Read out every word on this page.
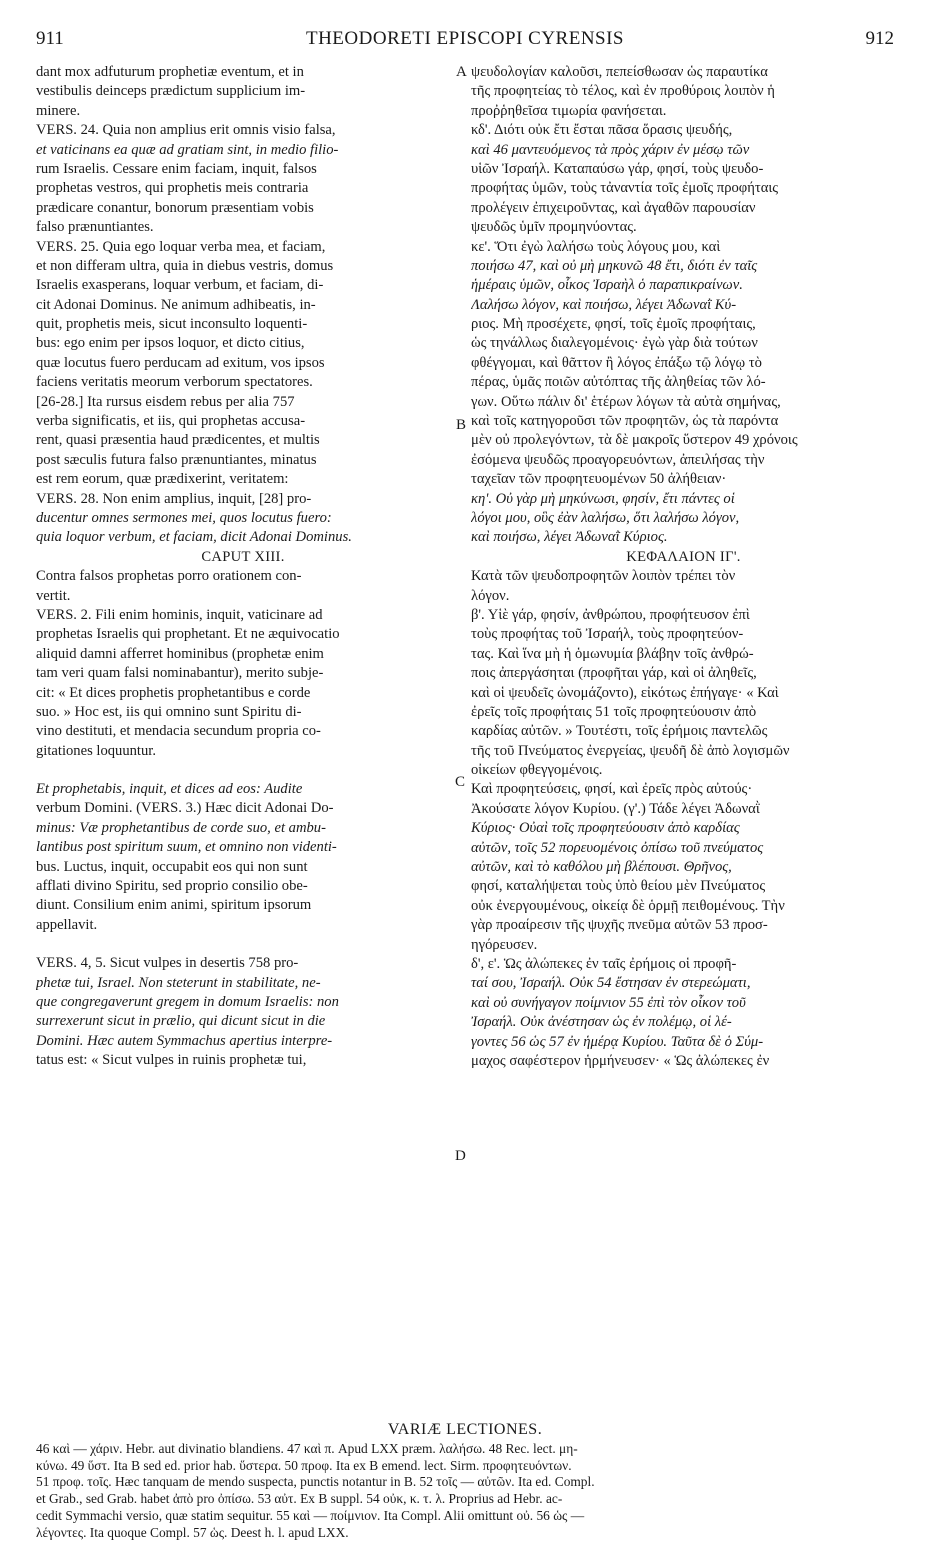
911	THEODORETI EPISCOPI CYRENSIS	912
dant mox adfuturum prophetiæ eventum, et in
vestibulis deinceps prædictum supplicium im-
minere.
VERS. 24. Quia non amplius erit omnis visio falsa,
et vaticinans ea quæ ad gratiam sint, in medio filio-
rum Israelis. Cessare enim faciam, inquit, falsos
prophetas vestros, qui prophetis meis contraria
prædicare conantur, bonorum præsentiam vobis
falso prænuntiantes.
VERS. 25. Quia ego loquar verba mea, et faciam,
et non differam ultra, quia in diebus vestris, domus
Israelis exasperans, loquar verbum, et faciam, di-
cit Adonai Dominus. Ne animum adhibeatis, in-
quit, prophetis meis, sicut inconsulto loquenti-
bus: ego enim per ipsos loquor, et dicto citius,
quæ locutus fuero perducam ad exitum, vos ipsos
faciens veritatis meorum verborum spectatores.
[26-28.] Ita rursus eisdem rebus per alia 757
verba significatis, et iis, qui prophetas accusa-
rent, quasi præsentia haud prædicentes, et multis
post sæculis futura falso prænuntiantes, minatus
est rem eorum, quæ prædixerint, veritatem:
VERS. 28. Non enim amplius, inquit, [28] pro-
ducentur omnes sermones mei, quos locutus fuero:
quia loquor verbum, et faciam, dicit Adonai Dominus.
CAPUT XIII.
Contra falsos prophetas porro orationem con-
vertit.
VERS. 2. Fili enim hominis, inquit, vaticinare ad
prophetas Israelis qui prophetant. Et ne æquivocatio
aliquid damni afferret hominibus (prophetæ enim
tam veri quam falsi nominabantur), merito subje-
cit: « Et dices prophetis prophetantibus e corde
suo. » Hoc est, iis qui omnino sunt Spiritu di-
vino destituti, et mendacia secundum propria co-
gitationes loquuntur.
Et prophetabis, inquit, et dices ad eos: Audite
verbum Domini. (VERS. 3.) Hæc dicit Adonai Do-
minus: Væ prophetantibus de corde suo, et ambu-
lantibus post spiritum suum, et omnino non videnti-
bus. Luctus, inquit, occupabit eos qui non sunt
afflati divino Spiritu, sed proprio consilio obe-
diunt. Consilium enim animi, spiritum ipsorum
appellavit.
VERS. 4, 5. Sicut vulpes in desertis 758 pro-
phetæ tui, Israel. Non steterunt in stabilitate, ne-
que congregaverunt gregem in domum Israelis: non
surrexerunt sicut in prælio, qui dicunt sicut in die
Domini. Hæc autem Symmachus apertius interpre-
tatus est: « Sicut vulpes in ruinis prophetæ tui,
ψευδολογίαν καλοῦσι, πεπείσθωσαν ὡς παραυτίκα
τῆς προφητείας τὸ τέλος, καὶ ἐν προθύροις λοιπὸν ἡ
προῤῥηθεῖσα τιμωρία φανήσεται.
κδ'. Διότι οὐκ ἔτι ἔσται πᾶσα ὅρασις ψευδής,
καὶ 46 μαντευόμενος τὰ πρὸς χάριν ἐν μέσῳ τῶν
υἱῶν Ἰσραήλ. Καταπαύσω γάρ, φησί, τοὺς ψευδο-
προφήτας ὑμῶν, τοὺς τἀναντία τοῖς ἐμοῖς προφήταις
προλέγειν ἐπιχειροῦντας, καὶ ἀγαθῶν παρουσίαν
ψευδῶς ὑμῖν προμηνύοντας.
κε'. Ὅτι ἐγὼ λαλήσω τοὺς λόγους μου, καὶ
ποιήσω 47, καὶ οὐ μὴ μηκυνῶ 48 ἔτι, διότι ἐν ταῖς
ἡμέραις ὑμῶν, οἶκος Ἰσραὴλ ὁ παραπικραίνων.
Λαλήσω λόγον, καὶ ποιήσω, λέγει Ἀδωναῒ Κύ-
ριος. Μὴ προσέχετε, φησί, τοῖς ἐμοῖς προφήταις,
ὡς τηνάλλως διαλεγομένοις· ἐγὼ γὰρ διὰ τούτων
φθέγγομαι, καὶ θᾶττον ἢ λόγος ἐπάξω τῷ λόγῳ τὸ
πέρας, ὑμᾶς ποιῶν αὐτόπτας τῆς ἀληθείας τῶν λό-
γων. Οὕτω πάλιν δι' ἑτέρων λόγων τὰ αὐτὰ σημήνας,
καὶ τοῖς κατηγοροῦσι τῶν προφητῶν, ὡς τὰ παρόντα
μὲν οὐ προλεγόντων, τὰ δὲ μακροῖς ὕστερον 49 χρόνοις
ἐσόμενα ψευδῶς προαγορευόντων, ἀπειλήσας τὴν
ταχεῖαν τῶν προφητευομένων 50 ἀλήθειαν·
κη'. Οὐ γὰρ μὴ μηκύνωσι, φησίν, ἔτι πάντες οἱ
λόγοι μου, οὓς ἐὰν λαλήσω, ὅτι λαλήσω λόγον,
καὶ ποιήσω, λέγει Ἀδωναῒ Κύριος.
ΚΕΦΑΛΑΙΟΝ ΙΓ'.
Κατὰ τῶν ψευδοπροφητῶν λοιπὸν τρέπει τὸν
λόγον.
β'. Υἱὲ γάρ, φησίν, ἀνθρώπου, προφήτευσον ἐπὶ
τοὺς προφήτας τοῦ Ἰσραήλ, τοὺς προφητεύον-
τας. Καὶ ἵνα μὴ ἡ ὁμωνυμία βλάβην τοῖς ἀνθρώ-
ποις ἀπεργάσηται (προφῆται γάρ, καὶ οἱ ἀληθεῖς,
καὶ οἱ ψευδεῖς ὠνομάζοντο), εἰκότως ἐπήγαγε· « Καὶ
ἐρεῖς τοῖς προφήταις 51 τοῖς προφητεύουσιν ἀπὸ
καρδίας αὐτῶν. » Τουτέστι, τοῖς ἐρήμοις παντελῶς
τῆς τοῦ Πνεύματος ἐνεργείας, ψευδῆ δὲ ἀπὸ λογισμῶν
οἰκείων φθεγγομένοις.
Καὶ προφητεύσεις, φησί, καὶ ἐρεῖς πρὸς αὐτούς·
Ἀκούσατε λόγον Κυρίου. (γ'.) Τάδε λέγει Ἀδωναῒ
Κύριος· Οὐαὶ τοῖς προφητεύουσιν ἀπὸ καρδίας
αὐτῶν, τοῖς 52 πορευομένοις ὀπίσω τοῦ πνεύματος
αὐτῶν, καὶ τὸ καθόλου μὴ βλέπουσι. Θρῆνος,
φησί, καταλήψεται τοὺς ὑπὸ θείου μὲν Πνεύματος
οὐκ ἐνεργουμένους, οἰκείᾳ δὲ ὁρμῇ πειθομένους. Τὴν
γὰρ προαίρεσιν τῆς ψυχῆς πνεῦμα αὐτῶν 53 προσ-
ηγόρευσεν.
δ', ε'. Ὡς ἀλώπεκες ἐν ταῖς ἐρήμοις οἱ προφῆ-
ταί σου, Ἰσραήλ. Οὐκ 54 ἔστησαν ἐν στερεώματι,
καὶ οὐ συνήγαγον ποίμνιον 55 ἐπὶ τὸν οἶκον τοῦ
Ἰσραήλ. Οὐκ ἀνέστησαν ὡς ἐν πολέμῳ, οἱ λέ-
γοντες 56 ὡς 57 ἐν ἡμέρᾳ Κυρίου. Ταῦτα δὲ ὁ Σύμ-
μαχος σαφέστερον ἡρμήνευσεν· « Ὡς ἀλώπεκες ἐν
A
B
C
D
VARIÆ LECTIONES.
46 καὶ — χάριν. Hebr. aut divinatio blandiens. 47 καὶ π. Apud LXX præm. λαλήσω. 48 Rec. lect. μη-
κύνω. 49 ὕστ. Ita B sed ed. prior hab. ὕστερα. 50 προφ. Ita ex B emend. lect. Sirm. προφητευόντων.
51 προφ. τοῖς. Hæc tanquam de mendo suspecta, punctis notantur in B. 52 τοῖς — αὐτῶν. Ita ed. Compl.
et Grab., sed Grab. habet ἀπὸ pro ὀπίσω. 53 αὐτ. Ex B suppl. 54 οὐκ, κ. τ. λ. Proprius ad Hebr. ac-
cedit Symmachi versio, quæ statim sequitur. 55 καὶ — ποίμνιον. Ita Compl. Alii omittunt οὐ. 56 ὡς —
λέγοντες. Ita quoque Compl. 57 ὡς. Deest h. l. apud LXX.
